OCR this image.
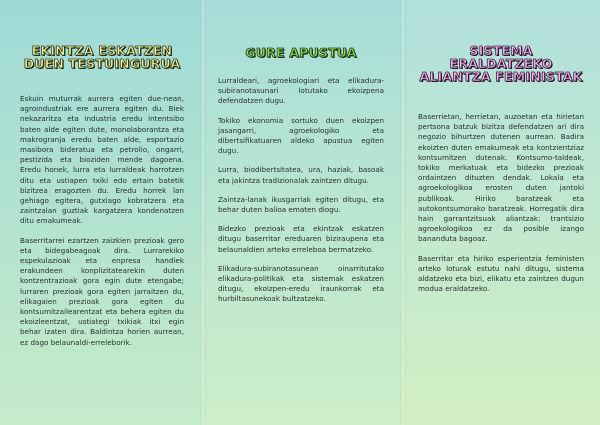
EKINTZA ESKATZEN

DUEN TESTUINGURUA

Eskuin muturrak aurrera egiten due-nean, agroindustriak ere aurrera egiten du. Biek nekazaritza eta industria eredu intentsibo baten alde egiten dute, monolaborantza eta makrogranja eredu baten alde, esportazio masibora bideratua eta petrolio, ongarri, pestizida eta bioziden mende dagoena. Eredu honek, lurra eta lurraldeak harrotzen ditu eta ustiapen txiki edo ertain batetik bizitzea eragozten du. Eredu horrek lan gehiago egitera, gutxiago kobratzera eta zaintzalan guztiak kargatzera kondenatzen ditu emakumeak.

Baserritarrei ezartzen zaizkien prezioak gero eta bidegabeagoak dira. Lurrarekiko espekulazioak eta enpresa handiek erakundeen konplizitatearekin duten kontzentrazioak gora egin dute etengabe; lurraren prezioak gora egiten jarraitzen du, elikagaien prezioak gora egiten du kontsumitzailearentzat eta behera egiten du ekoizleentzat, ustiategi txikiak itxi egin behar izaten dira. Baldintza horien aurrean, ez dago belaunaldi-erreleborik.

GURE APUSTUA

Lurraldeari, agroekologiari eta elikadura-subiranotasunari lotutako ekoizpena defendatzen dugu.

Tokiko ekonomia sortuko duen ekoizpen jasangarri, agroekologiko eta dibertsifikatuaren aldeko apustua egiten dugu.

Lurra, biodibertsitatea, ura, haziak, basoak eta jakintza tradizionalak zaintzen ditugu.

Zaintza-lanak ikusgarriak egiten ditugu, eta behar duten balioa ematen diogu.

Bidezko prezioak eta ekintzak eskatzen ditugu baserritar ereduaren biziraupena eta belaunaldien arteko erreleboa bermatzeko.

Elikadura-subiranotasunean oinarritutako elikadura-politikak eta sistemak eskatzen ditugu, ekoizpen-eredu iraunkorrak eta hurbiltasunekoak bultzatzeko.

SISTEMA

ERALDATZEKO

ALIANTZA FEMINISTAK

Baserrietan, herrietan, auzoetan eta hirietan pertsona batzuk bizitza defendatzen ari dira negozio bihurtzen dutenen aurrean. Badira ekoizten duten emakumeak eta kontzientziaz kontsumitzen dutenak. Kontsumo-taldeak, tokiko merkatuak eta bidezko prezioak ordaintzen dituzten dendak. Lokala eta agroekologikoa erosten duten jantoki publikoak. Hiriko baratzeak eta autokontsumorako baratzeak. Horregatik dira hain garrantzitsuak aliantzak: trantsizio agroekologikoa ez da posible izango bananduta bagoaz.

Baserritar eta hiriko esperientzia feministen arteko loturak estutu nahi ditugu, sistema aldatzeko eta bizi, elikatu eta zaintzen dugun modua eraldatzeko.
